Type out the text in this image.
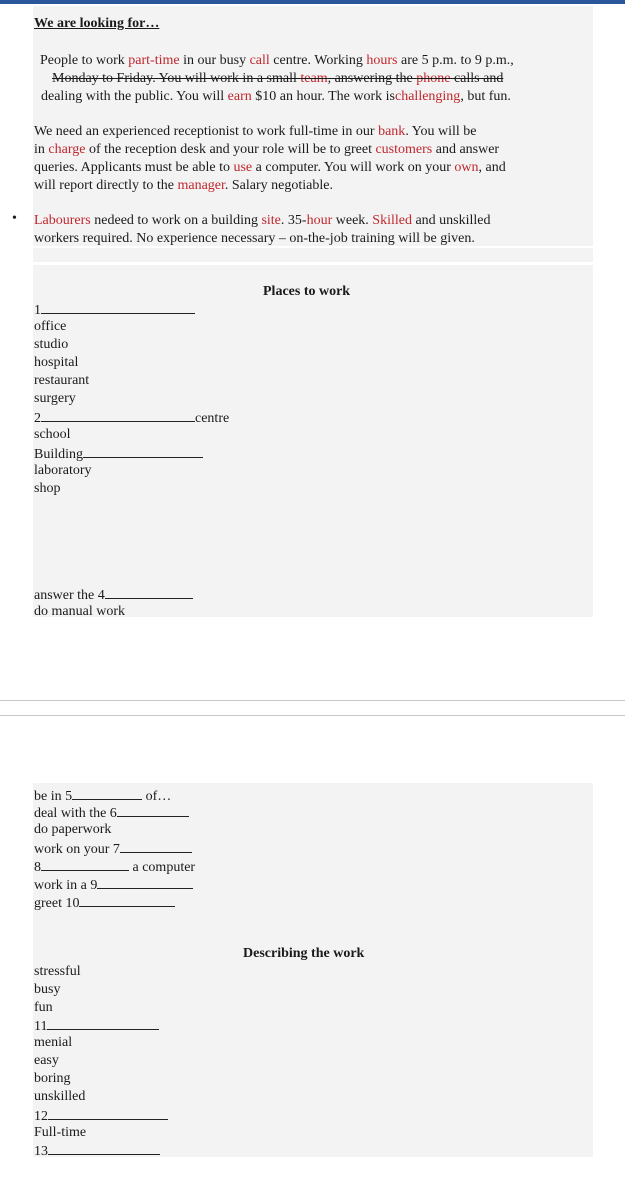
We are looking for…
People to work part-time in our busy call centre. Working hours are 5 p.m. to 9 p.m.,
Monday to Friday. You will work in a small team, answering the phone calls and
dealing with the public. You will earn $10 an hour. The work ischallenging, but fun.
We need an experienced receptionist to work full-time in our bank. You will be
in charge of the reception desk and your role will be to greet customers and answer
queries. Applicants must be able to use a computer. You will work on your own, and
will report directly to the manager. Salary negotiable.
• Labourers nedeed to work on a building site. 35-hour week. Skilled and unskilled
workers required. No experience necessary – on-the-job training will be given.
Places to work
1
office
studio
hospital
restaurant
surgery
2	centre
school
Building
laboratory
shop
answer the 4
do manual work
be in 5	of…
deal with the 6
do paperwork
work on your 7
8	a computer
work in a 9
greet 10
Describing the work
stressful
busy
fun
11
menial
easy
boring
unskilled
12
Full-time
13
